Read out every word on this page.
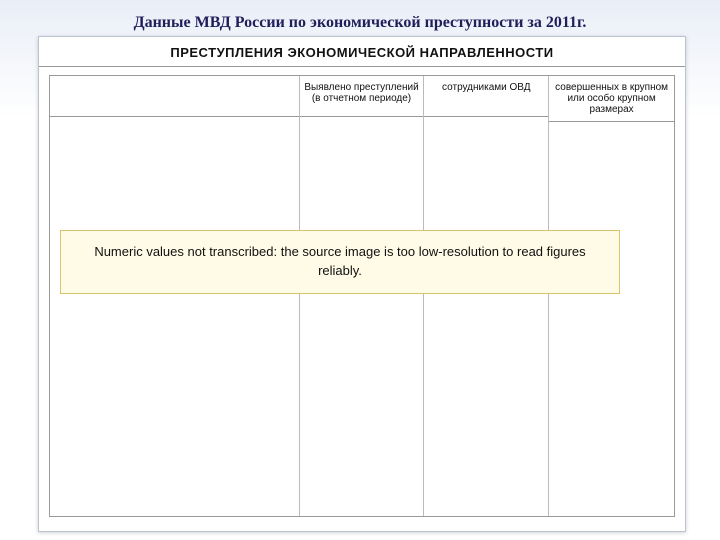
Данные МВД России по экономической преступности за 2011г.
ПРЕСТУПЛЕНИЯ ЭКОНОМИЧЕСКОЙ НАПРАВЛЕННОСТИ
Выявлено преступлений (в отчетном периоде)
сотрудниками ОВД	совершенных в крупном или особо крупном размерах
Numeric values not transcribed: the source image is too low-resolution to read figures reliably.
